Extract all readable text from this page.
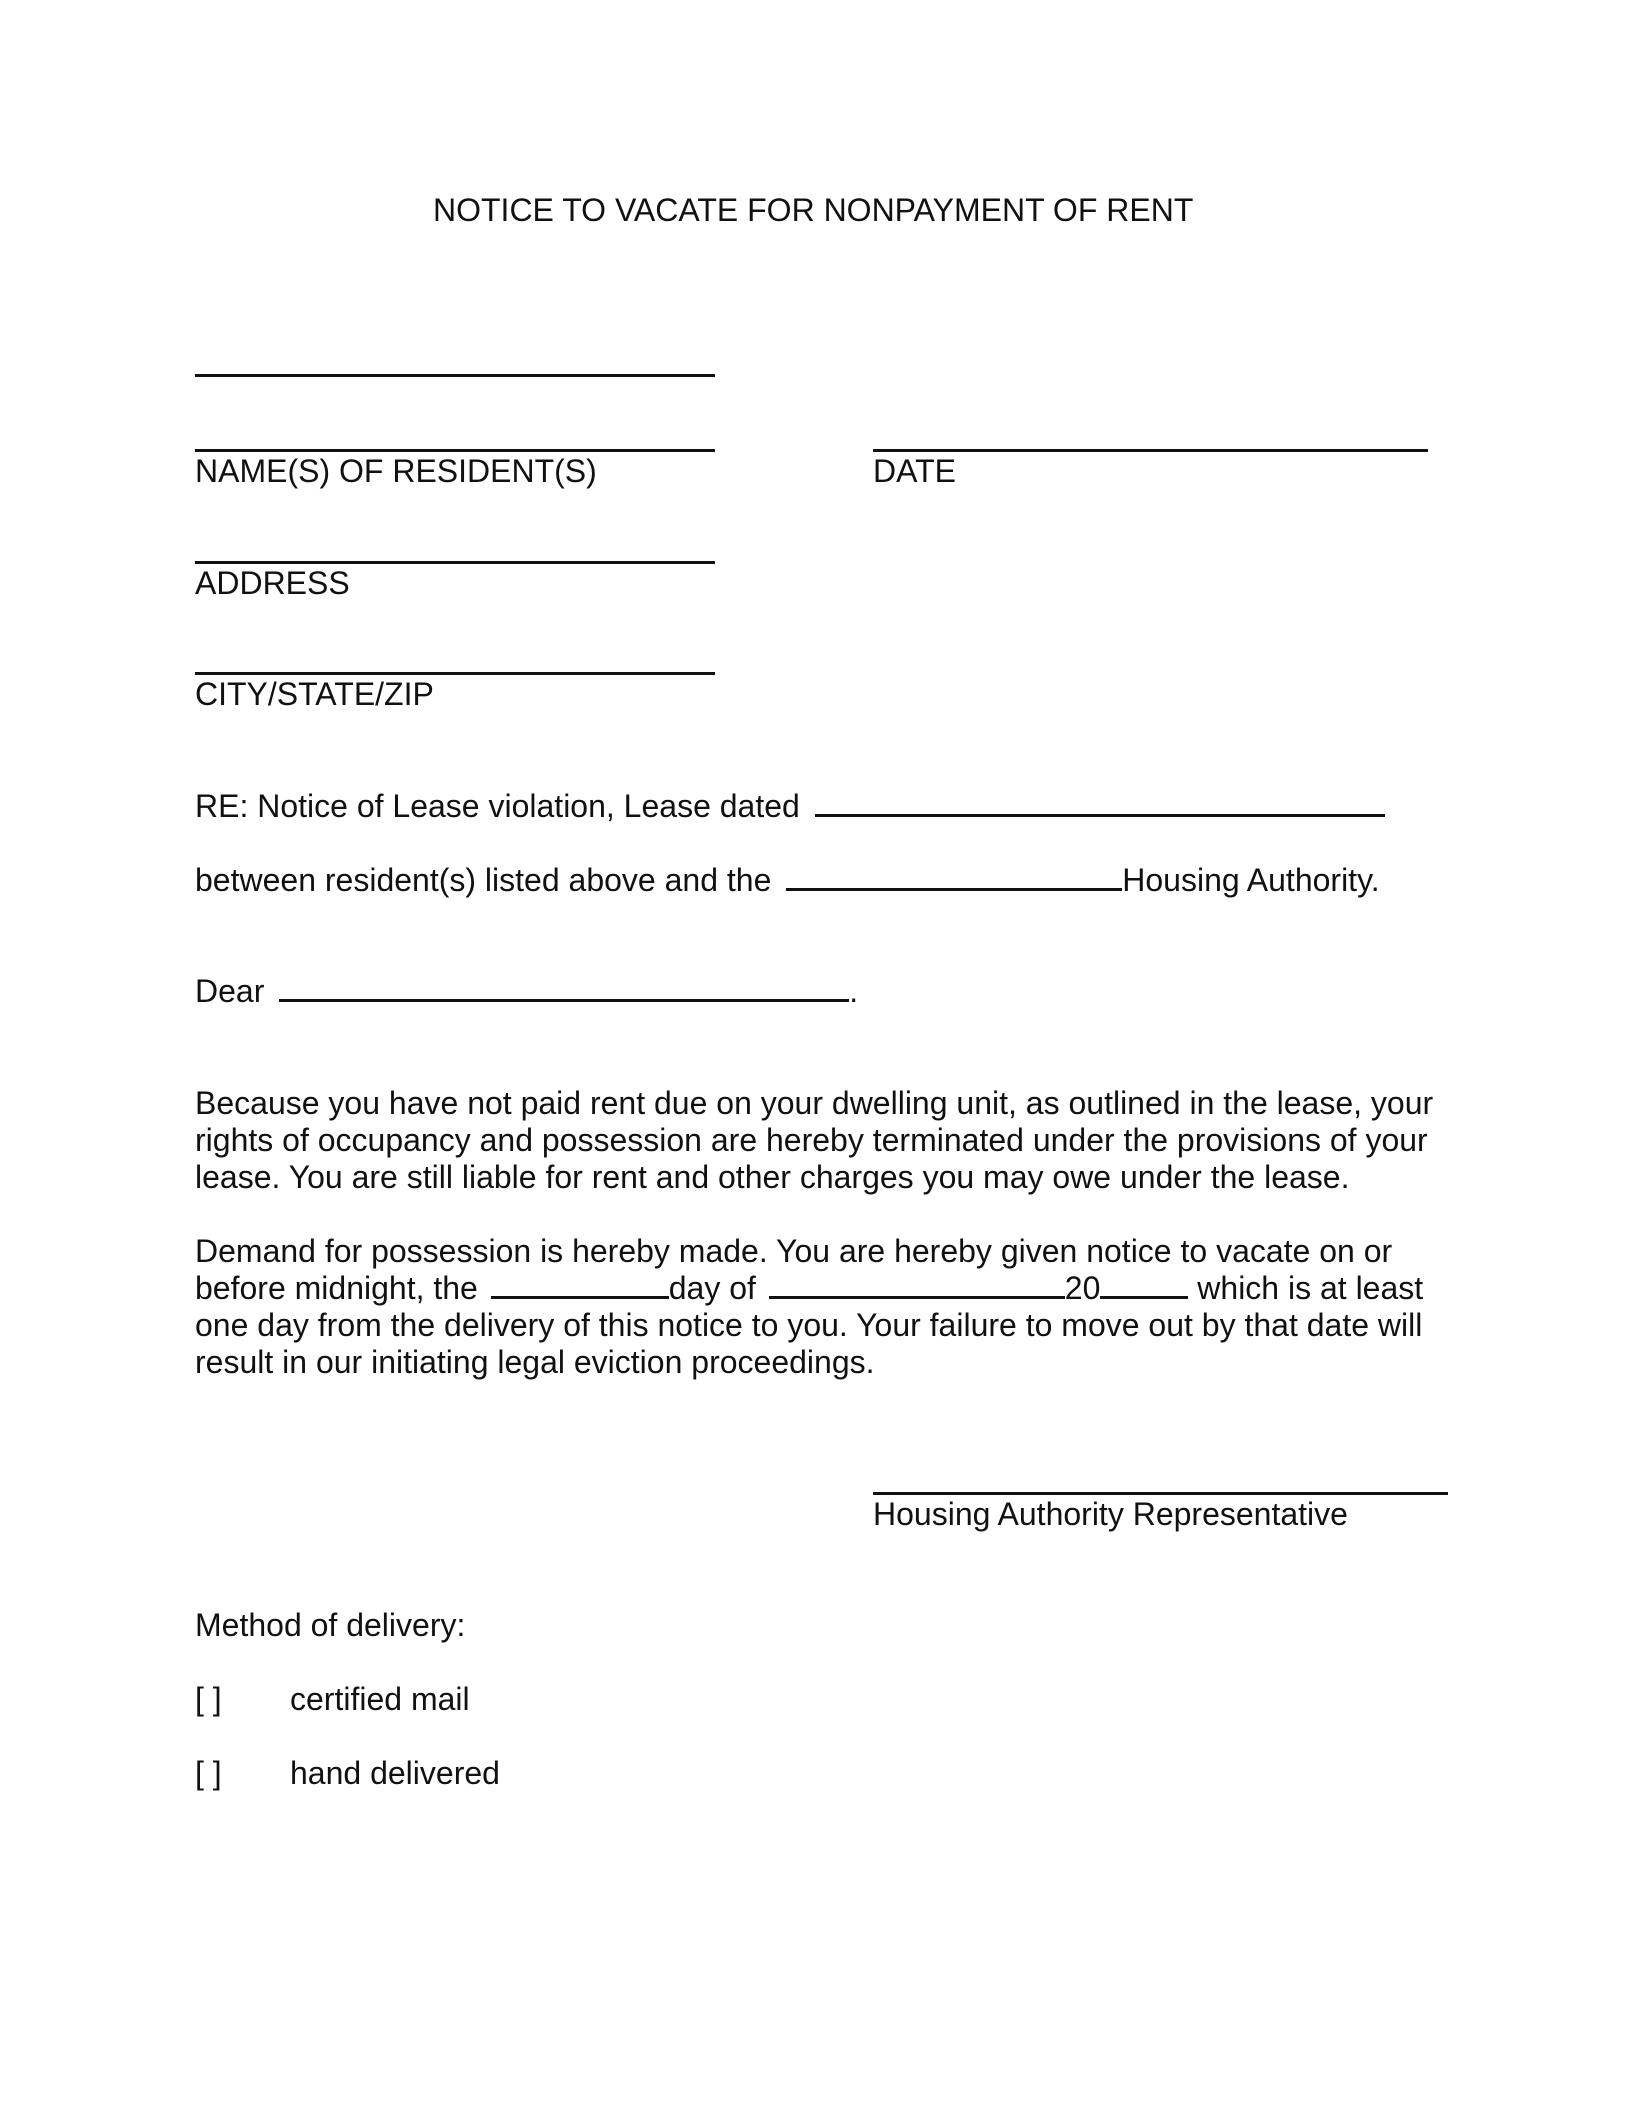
NOTICE TO VACATE FOR NONPAYMENT OF RENT
NAME(S) OF RESIDENT(S)	DATE
ADDRESS
CITY/STATE/ZIP
RE: Notice of Lease violation, Lease dated
between resident(s) listed above and the	Housing Authority.
Dear	.
Because you have not paid rent due on your dwelling unit, as outlined in the lease, your
rights of occupancy and possession are hereby terminated under the provisions of your
lease. You are still liable for rent and other charges you may owe under the lease.
Demand for possession is hereby made. You are hereby given notice to vacate on or
before midnight, the	day of	20	which is at least
one day from the delivery of this notice to you. Your failure to move out by that date will
result in our initiating legal eviction proceedings.
Housing Authority Representative
Method of delivery:
[ ] certified mail
[ ] hand delivered
